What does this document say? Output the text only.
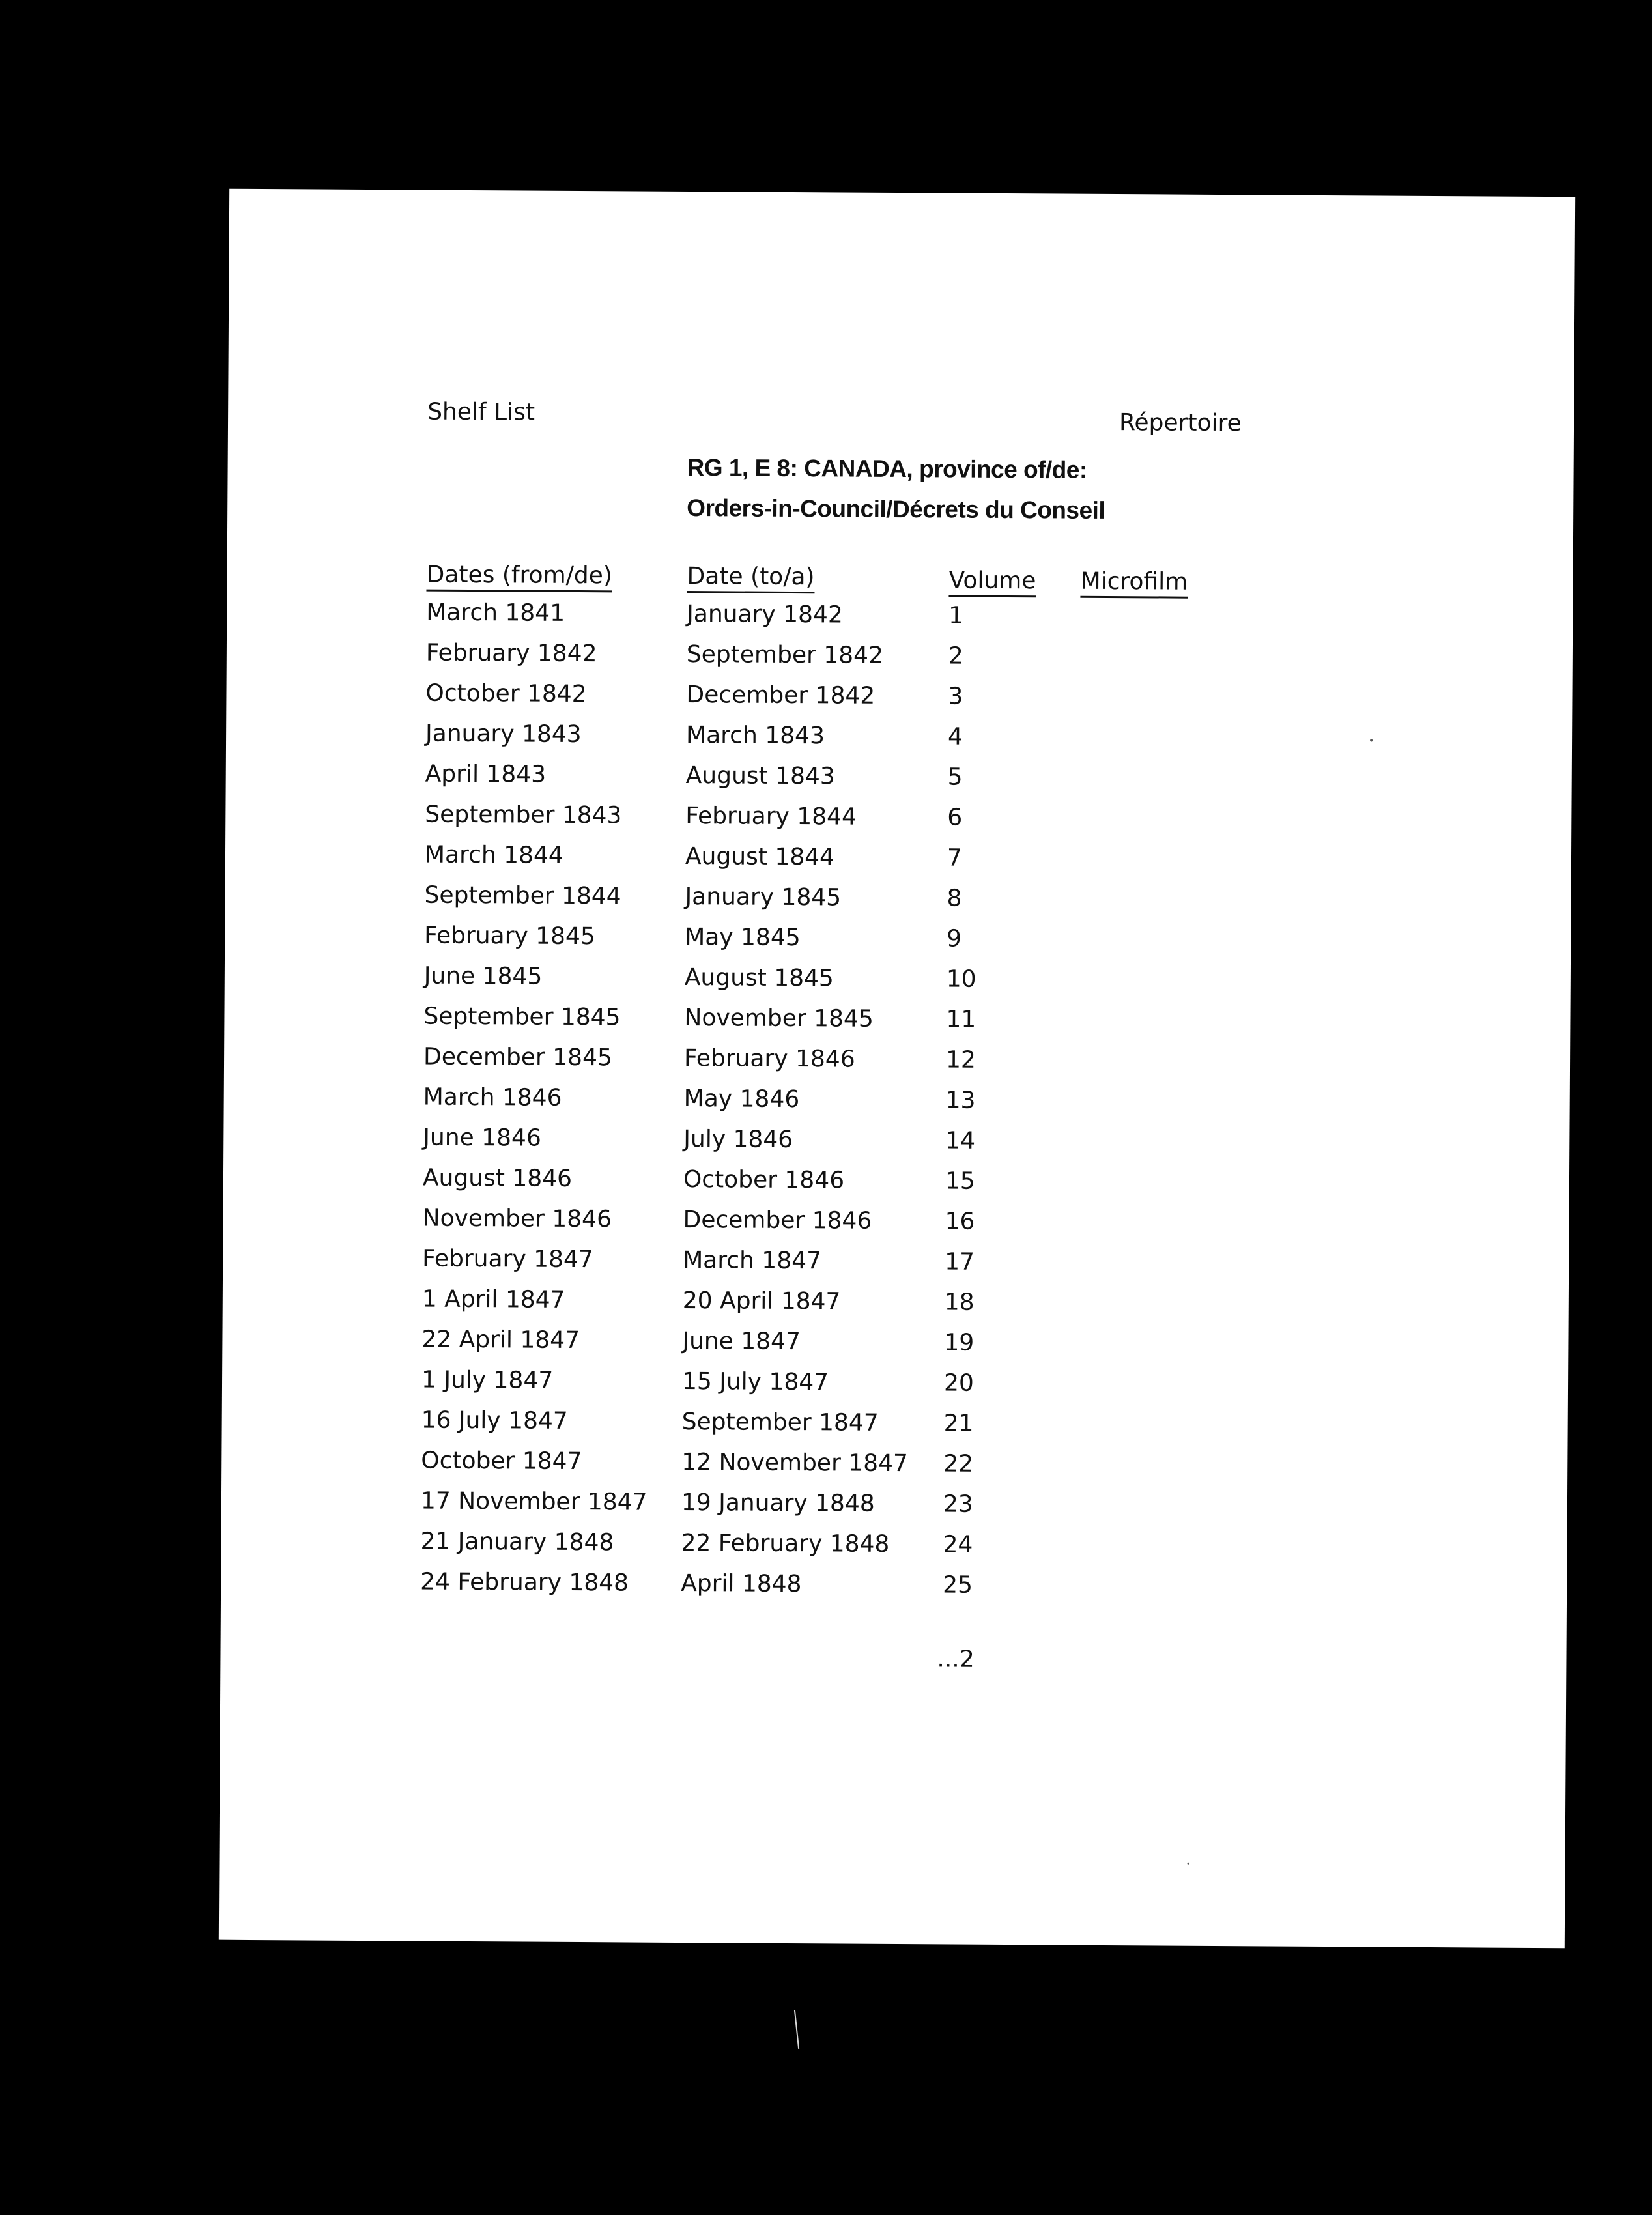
Shelf List	Répertoire
RG 1, E 8: CANADA, province of/de:
Orders-in-Council/Décrets du Conseil
Dates (from/de)	Date (to/a)	Volume Microfilm
March 1841	January 1842	1
February 1842	September 1842	2
October 1842	December 1842	3
January 1843	March 1843	4
April 1843	August 1843	5
September 1843	February 1844	6
March 1844	August 1844	7
September 1844	January 1845	8
February 1845	May 1845	9
June 1845	August 1845	10
September 1845	November 1845	11
December 1845	February 1846	12
March 1846	May 1846	13
June 1846	July 1846	14
August 1846	October 1846	15
November 1846	December 1846	16
February 1847	March 1847	17
1 April 1847	20 April 1847	18
22 April 1847	June 1847	19
1 July 1847	15 July 1847	20
16 July 1847	September 1847	21
October 1847	12 November 1847 22
17 November 1847 19 January 1848	23
21 January 1848	22 February 1848 24
24 February 1848 April 1848	25
...2
